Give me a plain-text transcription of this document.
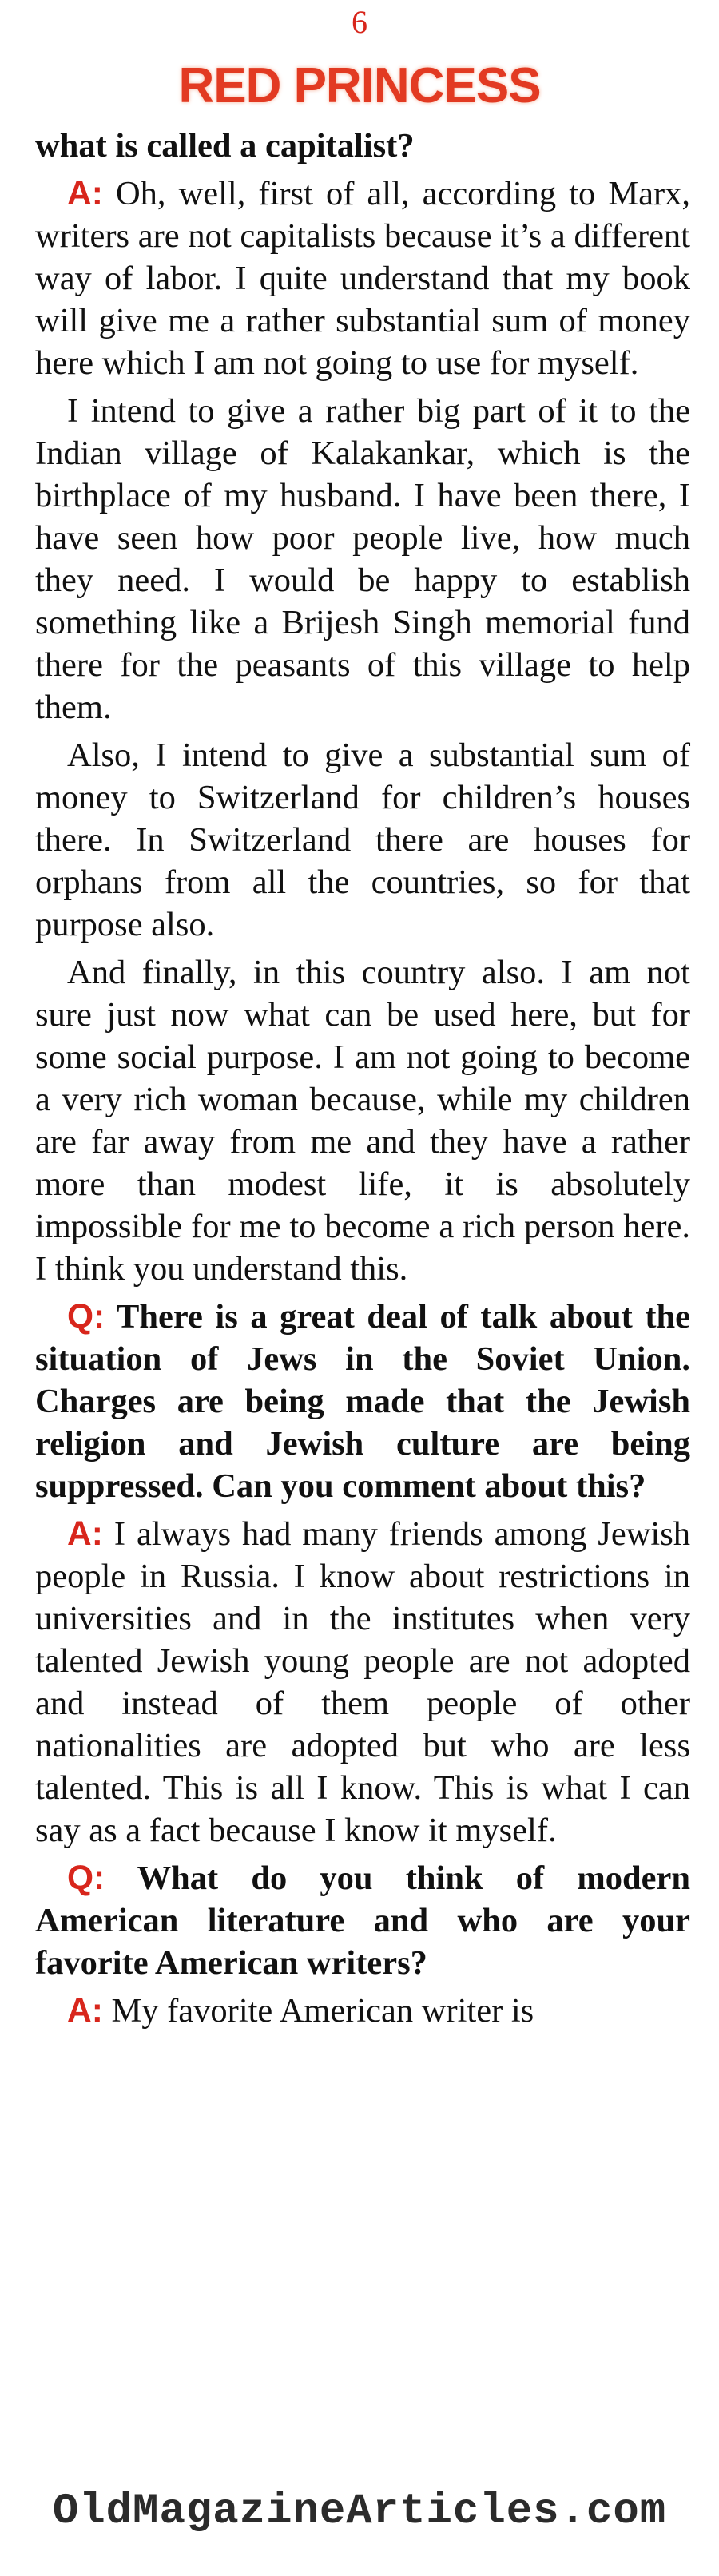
6
RED PRINCESS

what is called a capitalist?

A: Oh, well, first of all, according to Marx, writers are not capitalists because it’s a different way of labor. I quite understand that my book will give me a rather substantial sum of money here which I am not going to use for myself.

I intend to give a rather big part of it to the Indian village of Kalakankar, which is the birthplace of my husband. I have been there, I have seen how poor people live, how much they need. I would be happy to establish something like a Brijesh Singh memorial fund there for the peasants of this village to help them.

Also, I intend to give a substantial sum of money to Switzerland for children’s houses there. In Switzerland there are houses for orphans from all the countries, so for that purpose also.

And finally, in this country also. I am not sure just now what can be used here, but for some social purpose. I am not going to become a very rich woman because, while my children are far away from me and they have a rather more than modest life, it is absolutely impossible for me to become a rich person here. I think you understand this.

Q: There is a great deal of talk about the situation of Jews in the Soviet Union. Charges are being made that the Jewish religion and Jewish culture are being suppressed. Can you comment about this?

A: I always had many friends among Jewish people in Russia. I know about restrictions in universities and in the institutes when very talented Jewish young people are not adopted and instead of them people of other nationalities are adopted but who are less talented. This is all I know. This is what I can say as a fact because I know it myself.

Q: What do you think of modern American literature and who are your favorite American writers?

A: My favorite American writer is

OldMagazineArticles.com
